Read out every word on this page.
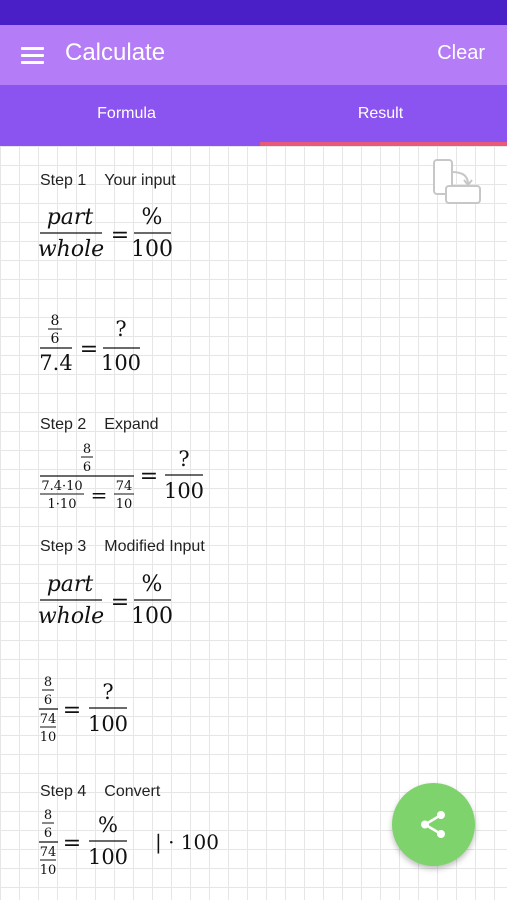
Calculate	Clear
Formula	Result
Step 1 Your input
part
whole
=
%
100
8
6
7.4
=
?
100
Step 2 Expand
8
6
7.4·10
1·10 = 74
10
=
?
100
Step 3 Modified Input
part
whole
=
%
100
8
6
74
10
=
?
100
Step 4 Convert
8
6
74
10
=
%
100
| · 100
